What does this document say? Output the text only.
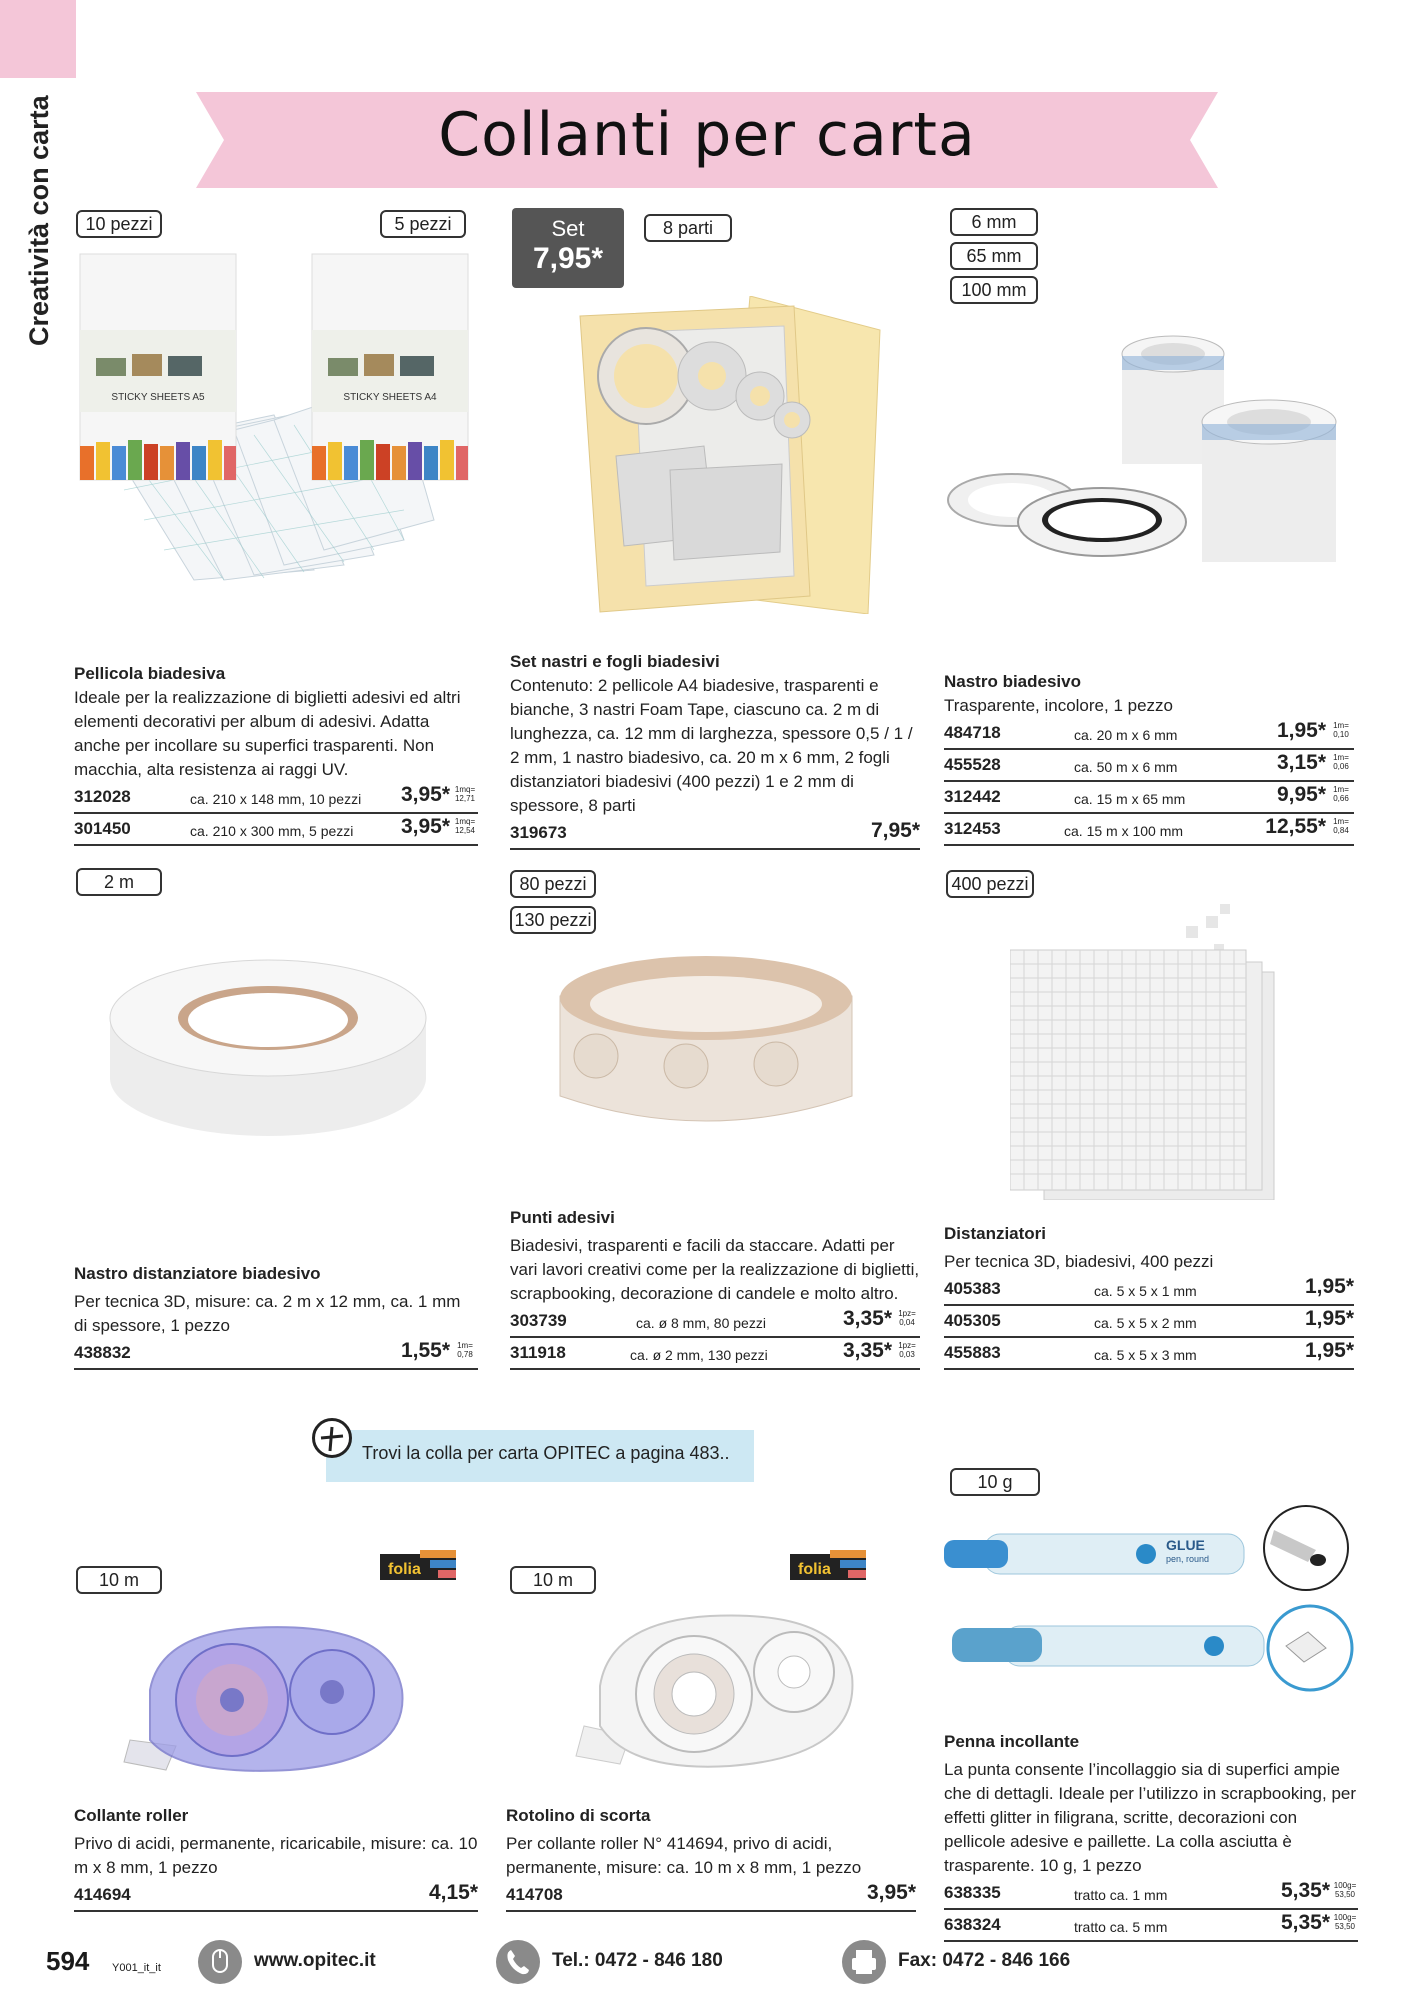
Creatività con carta	Collanti per carta
10 pezzi	5 pezzi
STICKY SHEETS A5	STICKY SHEETS A4
Pellicola biadesiva
Ideale per la realizzazione di biglietti adesivi ed altri elementi decorativi per album di adesivi. Adatta anche per incollare su superfici trasparenti. Non macchia, alta resistenza ai raggi UV.
312028	ca. 210 x 148 mm, 10 pezzi 3,95* 1mq= 12,71
301450	ca. 210 x 300 mm, 5 pezzi 3,95* 1mq= 12,54
Set
7,95*
8 parti
Set nastri e fogli biadesivi
Contenuto: 2 pellicole A4 biadesive, trasparenti e bianche, 3 nastri Foam Tape, ciascuno ca. 2 m di lunghezza, ca. 12 mm di larghezza, spessore 0,5 / 1 / 2 mm, 1 nastro biadesivo, ca. 20 m x 6 mm, 2 fogli distanziatori biadesivi (400 pezzi) 1 e 2 mm di spessore, 8 parti
319673	7,95*
6 mm
65 mm
100 mm
Nastro biadesivo
Trasparente, incolore, 1 pezzo
484718	ca. 20 m x 6 mm	1,95* 1m= 0,10
455528	ca. 50 m x 6 mm	3,15* 1m= 0,06
312442	ca. 15 m x 65 mm	9,95* 1m= 0,66
312453	ca. 15 m x 100 mm	12,55* 1m= 0,84
2 m
Nastro distanziatore biadesivo
Per tecnica 3D, misure: ca. 2 m x 12 mm, ca. 1 mm di spessore, 1 pezzo
438832	1,55* 1m= 0,78
80 pezzi
130 pezzi
Punti adesivi
Biadesivi, trasparenti e facili da staccare. Adatti per vari lavori creativi come per la realizzazione di biglietti, scrapbooking, decorazione di candele e molto altro.
303739	ca. ø 8 mm, 80 pezzi	3,35* 1pz= 0,04
311918	ca. ø 2 mm, 130 pezzi	3,35* 1pz= 0,03
400 pezzi
Distanziatori
Per tecnica 3D, biadesivi, 400 pezzi
405383	ca. 5 x 5 x 1 mm	1,95*
405305	ca. 5 x 5 x 2 mm	1,95*
455883	ca. 5 x 5 x 3 mm	1,95*
Trovi la colla per carta OPITEC a pagina 483..
10 m
folia
Collante roller
Privo di acidi, permanente, ricaricabile, misure: ca. 10 m x 8 mm, 1 pezzo
414694	4,15*
10 m
folia
Rotolino di scorta
Per collante roller N° 414694, privo di acidi, permanente, misure: ca. 10 m x 8 mm, 1 pezzo
414708	3,95*
10 g
GLUE
pen, round
Penna incollante
La punta consente l’incollaggio sia di superfici ampie che di dettagli. Ideale per l’utilizzo in scrapbooking, per effetti glitter in filigrana, scritte, decorazioni con pellicole adesive e paillette. La colla asciutta è trasparente. 10 g, 1 pezzo
638335	tratto ca. 1 mm	5,35* 100g= 53,50
638324	tratto ca. 5 mm	5,35* 100g= 53,50
594 Y001_it_it	www.opitec.it	Tel.: 0472 - 846 180	Fax: 0472 - 846 166
